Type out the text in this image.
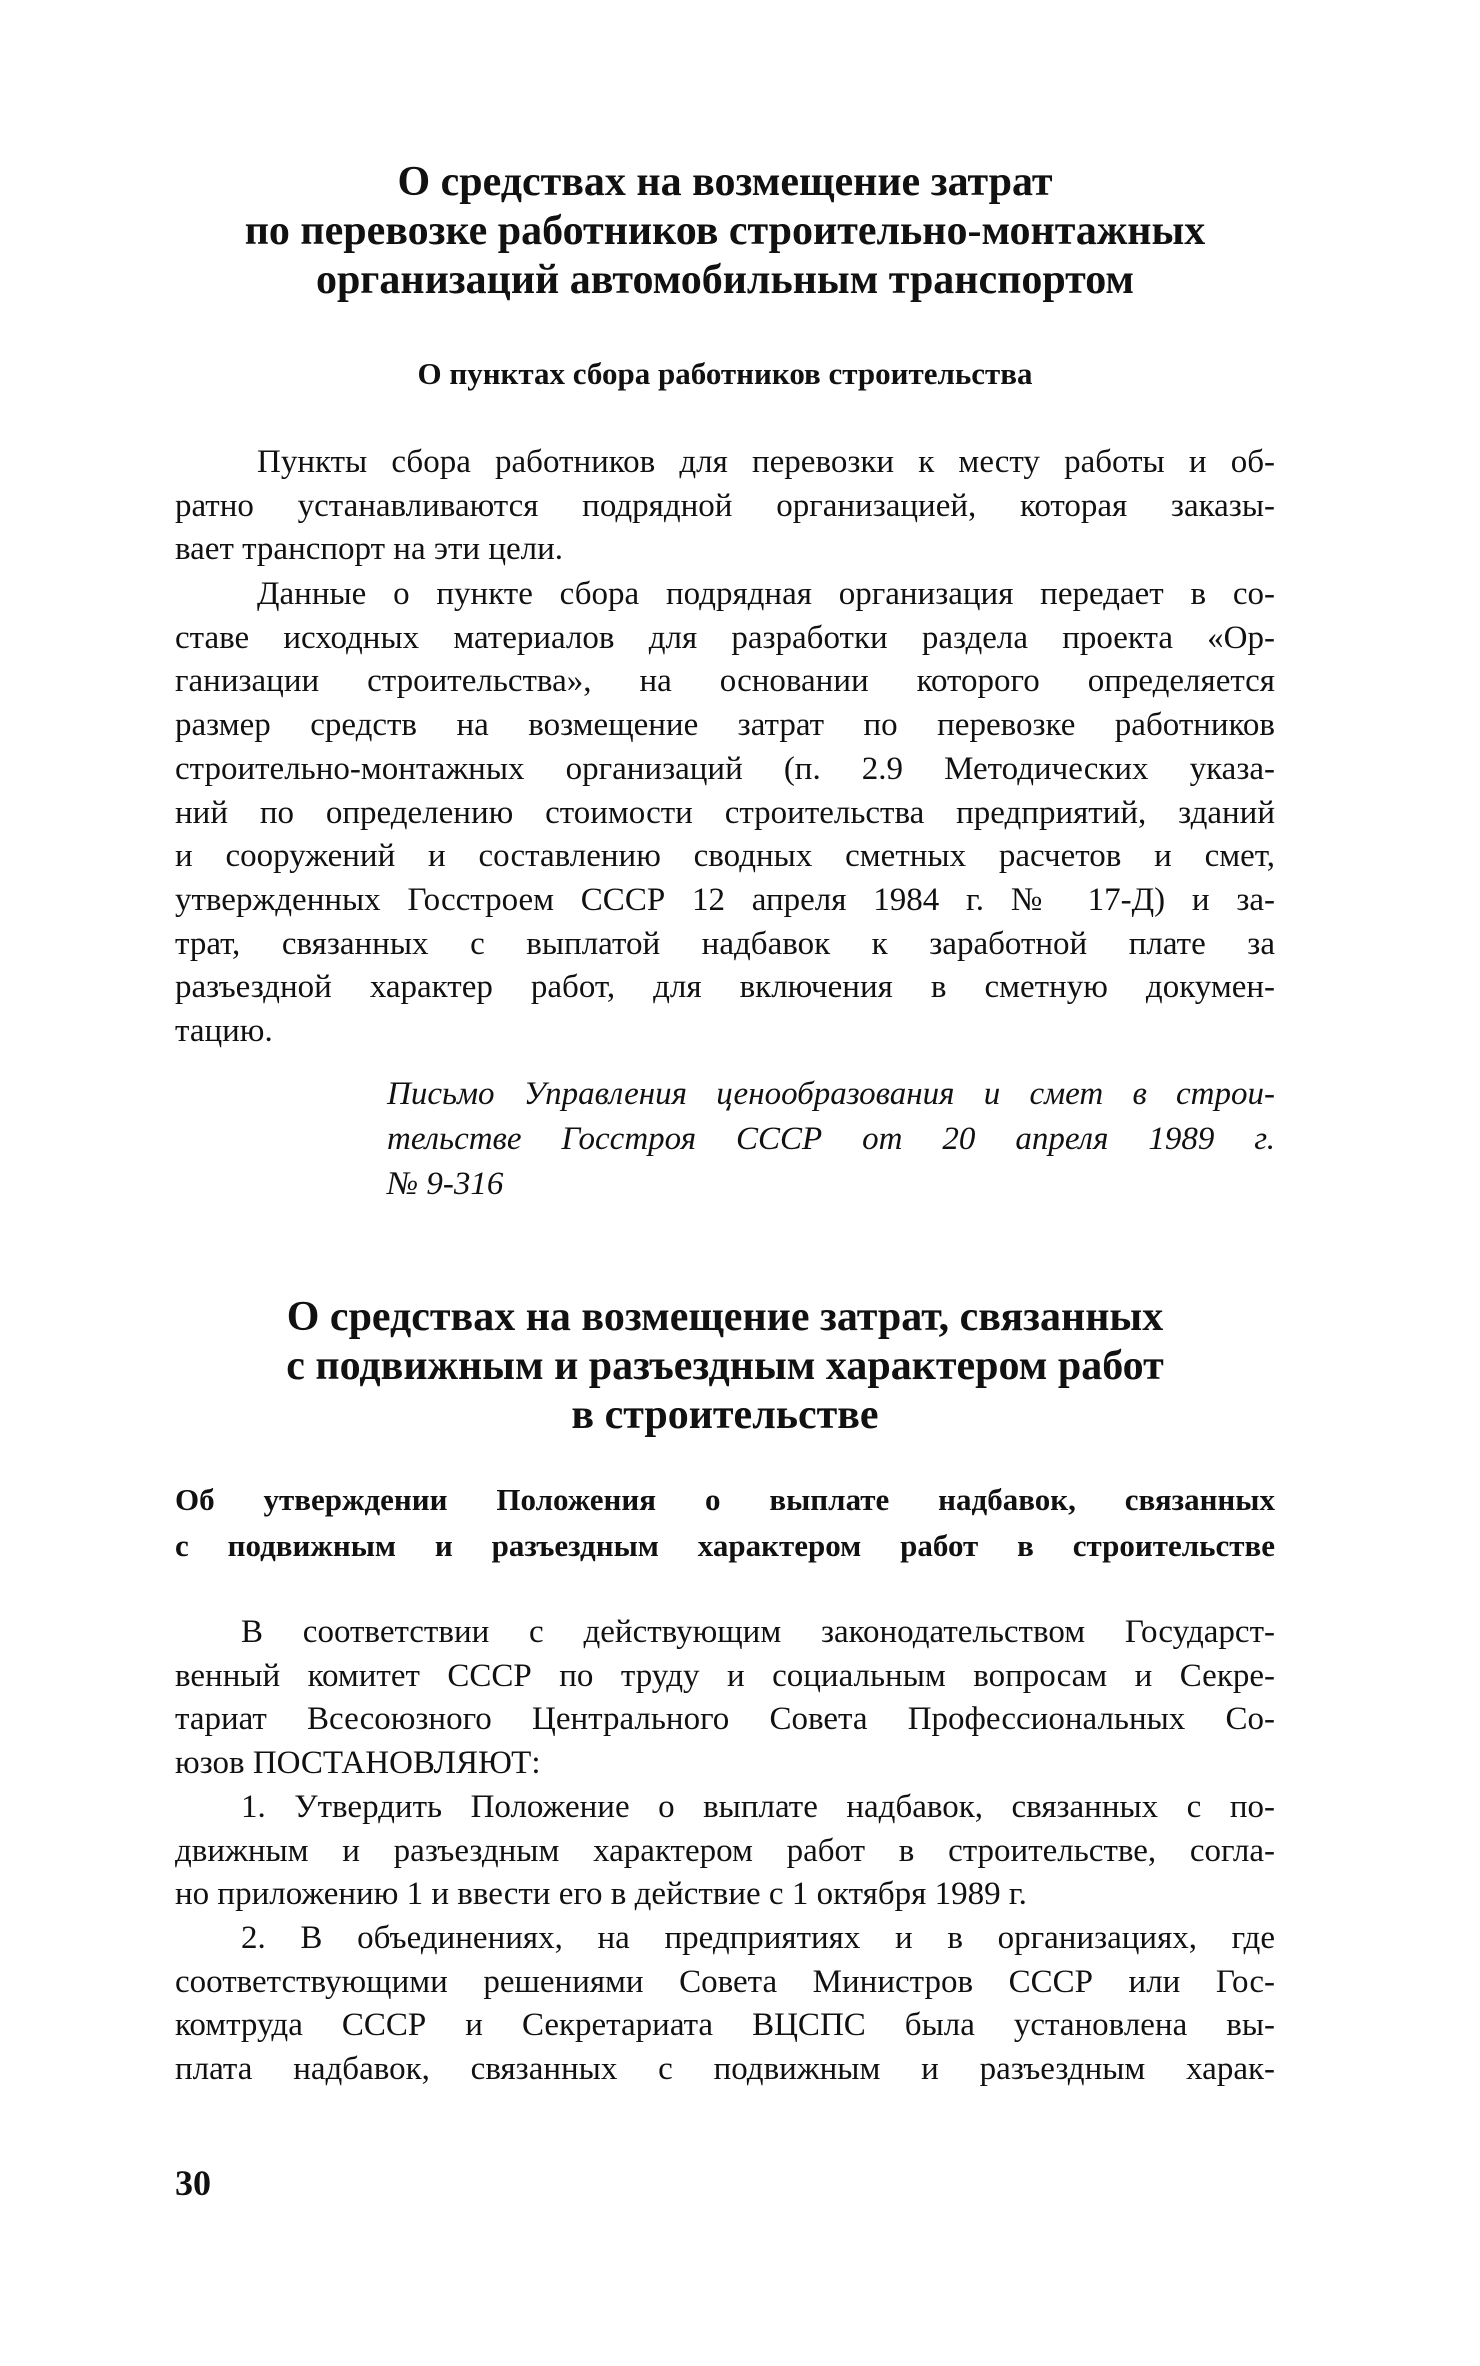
О средствах на возмещение затрат
по перевозке работников строительно-монтажных
организаций автомобильным транспортом
О пунктах сбора работников строительства
Пункты сбора работников для перевозки к месту работы и об-
ратно устанавливаются подрядной организацией, которая заказы-
вает транспорт на эти цели.
Данные о пункте сбора подрядная организация передает в со-
ставе исходных материалов для разработки раздела проекта «Ор-
ганизации строительства», на основании которого определяется
размер средств на возмещение затрат по перевозке работников
строительно-монтажных организаций (п. 2.9 Методических указа-
ний по определению стоимости строительства предприятий, зданий
и сооружений и составлению сводных сметных расчетов и смет,
утвержденных Госстроем СССР 12 апреля 1984 г. № 17-Д) и за-
трат, связанных с выплатой надбавок к заработной плате за
разъездной характер работ, для включения в сметную докумен-
тацию.
Письмо Управления ценообразования и смет в строи-
тельстве Госстроя СССР от 20 апреля 1989 г.
№ 9-316
О средствах на возмещение затрат, связанных
с подвижным и разъездным характером работ
в строительстве
Об утверждении Положения о выплате надбавок, связанных
с подвижным и разъездным характером работ в строительстве
В соответствии с действующим законодательством Государст-
венный комитет СССР по труду и социальным вопросам и Секре-
тариат Всесоюзного Центрального Совета Профессиональных Со-
юзов ПОСТАНОВЛЯЮТ:
1. Утвердить Положение о выплате надбавок, связанных с по-
движным и разъездным характером работ в строительстве, согла-
но приложению 1 и ввести его в действие с 1 октября 1989 г.
2. В объединениях, на предприятиях и в организациях, где
соответствующими решениями Совета Министров СССР или Гос-
комтруда СССР и Секретариата ВЦСПС была установлена вы-
плата надбавок, связанных с подвижным и разъездным харак-
30
